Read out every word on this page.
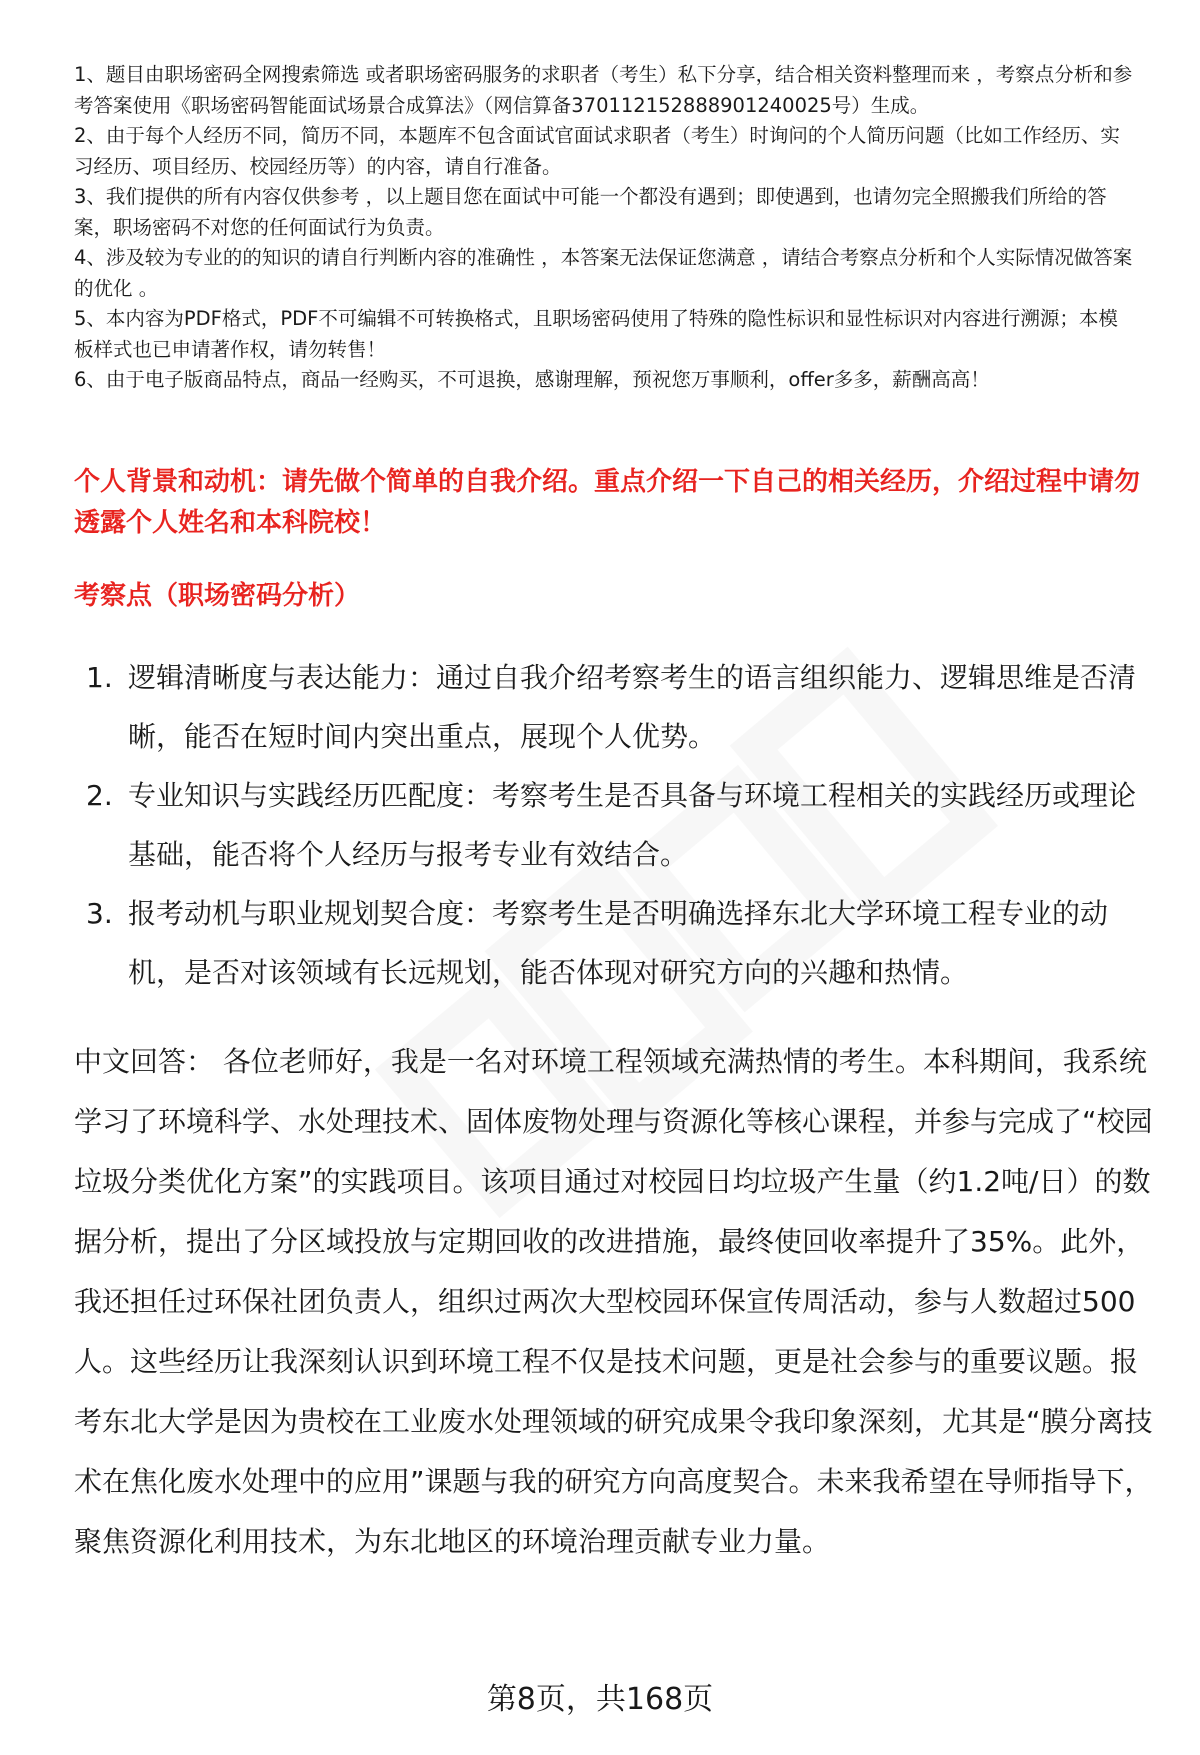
1、题目由职场密码全网搜索筛选 或者职场密码服务的求职者（考生）私下分享，结合相关资料整理而来 ，考察点分析和参考答案使用《职场密码智能面试场景合成算法》（网信算备370112152888901240025号）生成。
2、由于每个人经历不同，简历不同，本题库不包含面试官面试求职者（考生）时询问的个人简历问题（比如工作经历、实习经历、项目经历、校园经历等）的内容，请自行准备。
3、我们提供的所有内容仅供参考 ，以上题目您在面试中可能一个都没有遇到；即使遇到，也请勿完全照搬我们所给的答案，职场密码不对您的任何面试行为负责。
4、涉及较为专业的的知识的请自行判断内容的准确性 ，本答案无法保证您满意 ，请结合考察点分析和个人实际情况做答案的优化 。
5、本内容为PDF格式，PDF不可编辑不可转换格式，且职场密码使用了特殊的隐性标识和显性标识对内容进行溯源；本模板样式也已申请著作权，请勿转售！
6、由于电子版商品特点，商品一经购买，不可退换，感谢理解，预祝您万事顺利，offer多多，薪酬高高！

个人背景和动机：请先做个简单的自我介绍。重点介绍一下自己的相关经历，介绍过程中请勿透露个人姓名和本科院校！

考察点（职场密码分析）

1. 逻辑清晰度与表达能力：通过自我介绍考察考生的语言组织能力、逻辑思维是否清晰，能否在短时间内突出重点，展现个人优势。
2. 专业知识与实践经历匹配度：考察考生是否具备与环境工程相关的实践经历或理论基础，能否将个人经历与报考专业有效结合。
3. 报考动机与职业规划契合度：考察考生是否明确选择东北大学环境工程专业的动机，是否对该领域有长远规划，能否体现对研究方向的兴趣和热情。

中文回答： 各位老师好，我是一名对环境工程领域充满热情的考生。本科期间，我系统学习了环境科学、水处理技术、固体废物处理与资源化等核心课程，并参与完成了“校园垃圾分类优化方案”的实践项目。该项目通过对校园日均垃圾产生量（约1.2吨/日）的数据分析，提出了分区域投放与定期回收的改进措施，最终使回收率提升了35%。此外，我还担任过环保社团负责人，组织过两次大型校园环保宣传周活动，参与人数超过500人。这些经历让我深刻认识到环境工程不仅是技术问题，更是社会参与的重要议题。报考东北大学是因为贵校在工业废水处理领域的研究成果令我印象深刻，尤其是“膜分离技术在焦化废水处理中的应用”课题与我的研究方向高度契合。未来我希望在导师指导下，聚焦资源化利用技术，为东北地区的环境治理贡献专业力量。

第8页，共168页
